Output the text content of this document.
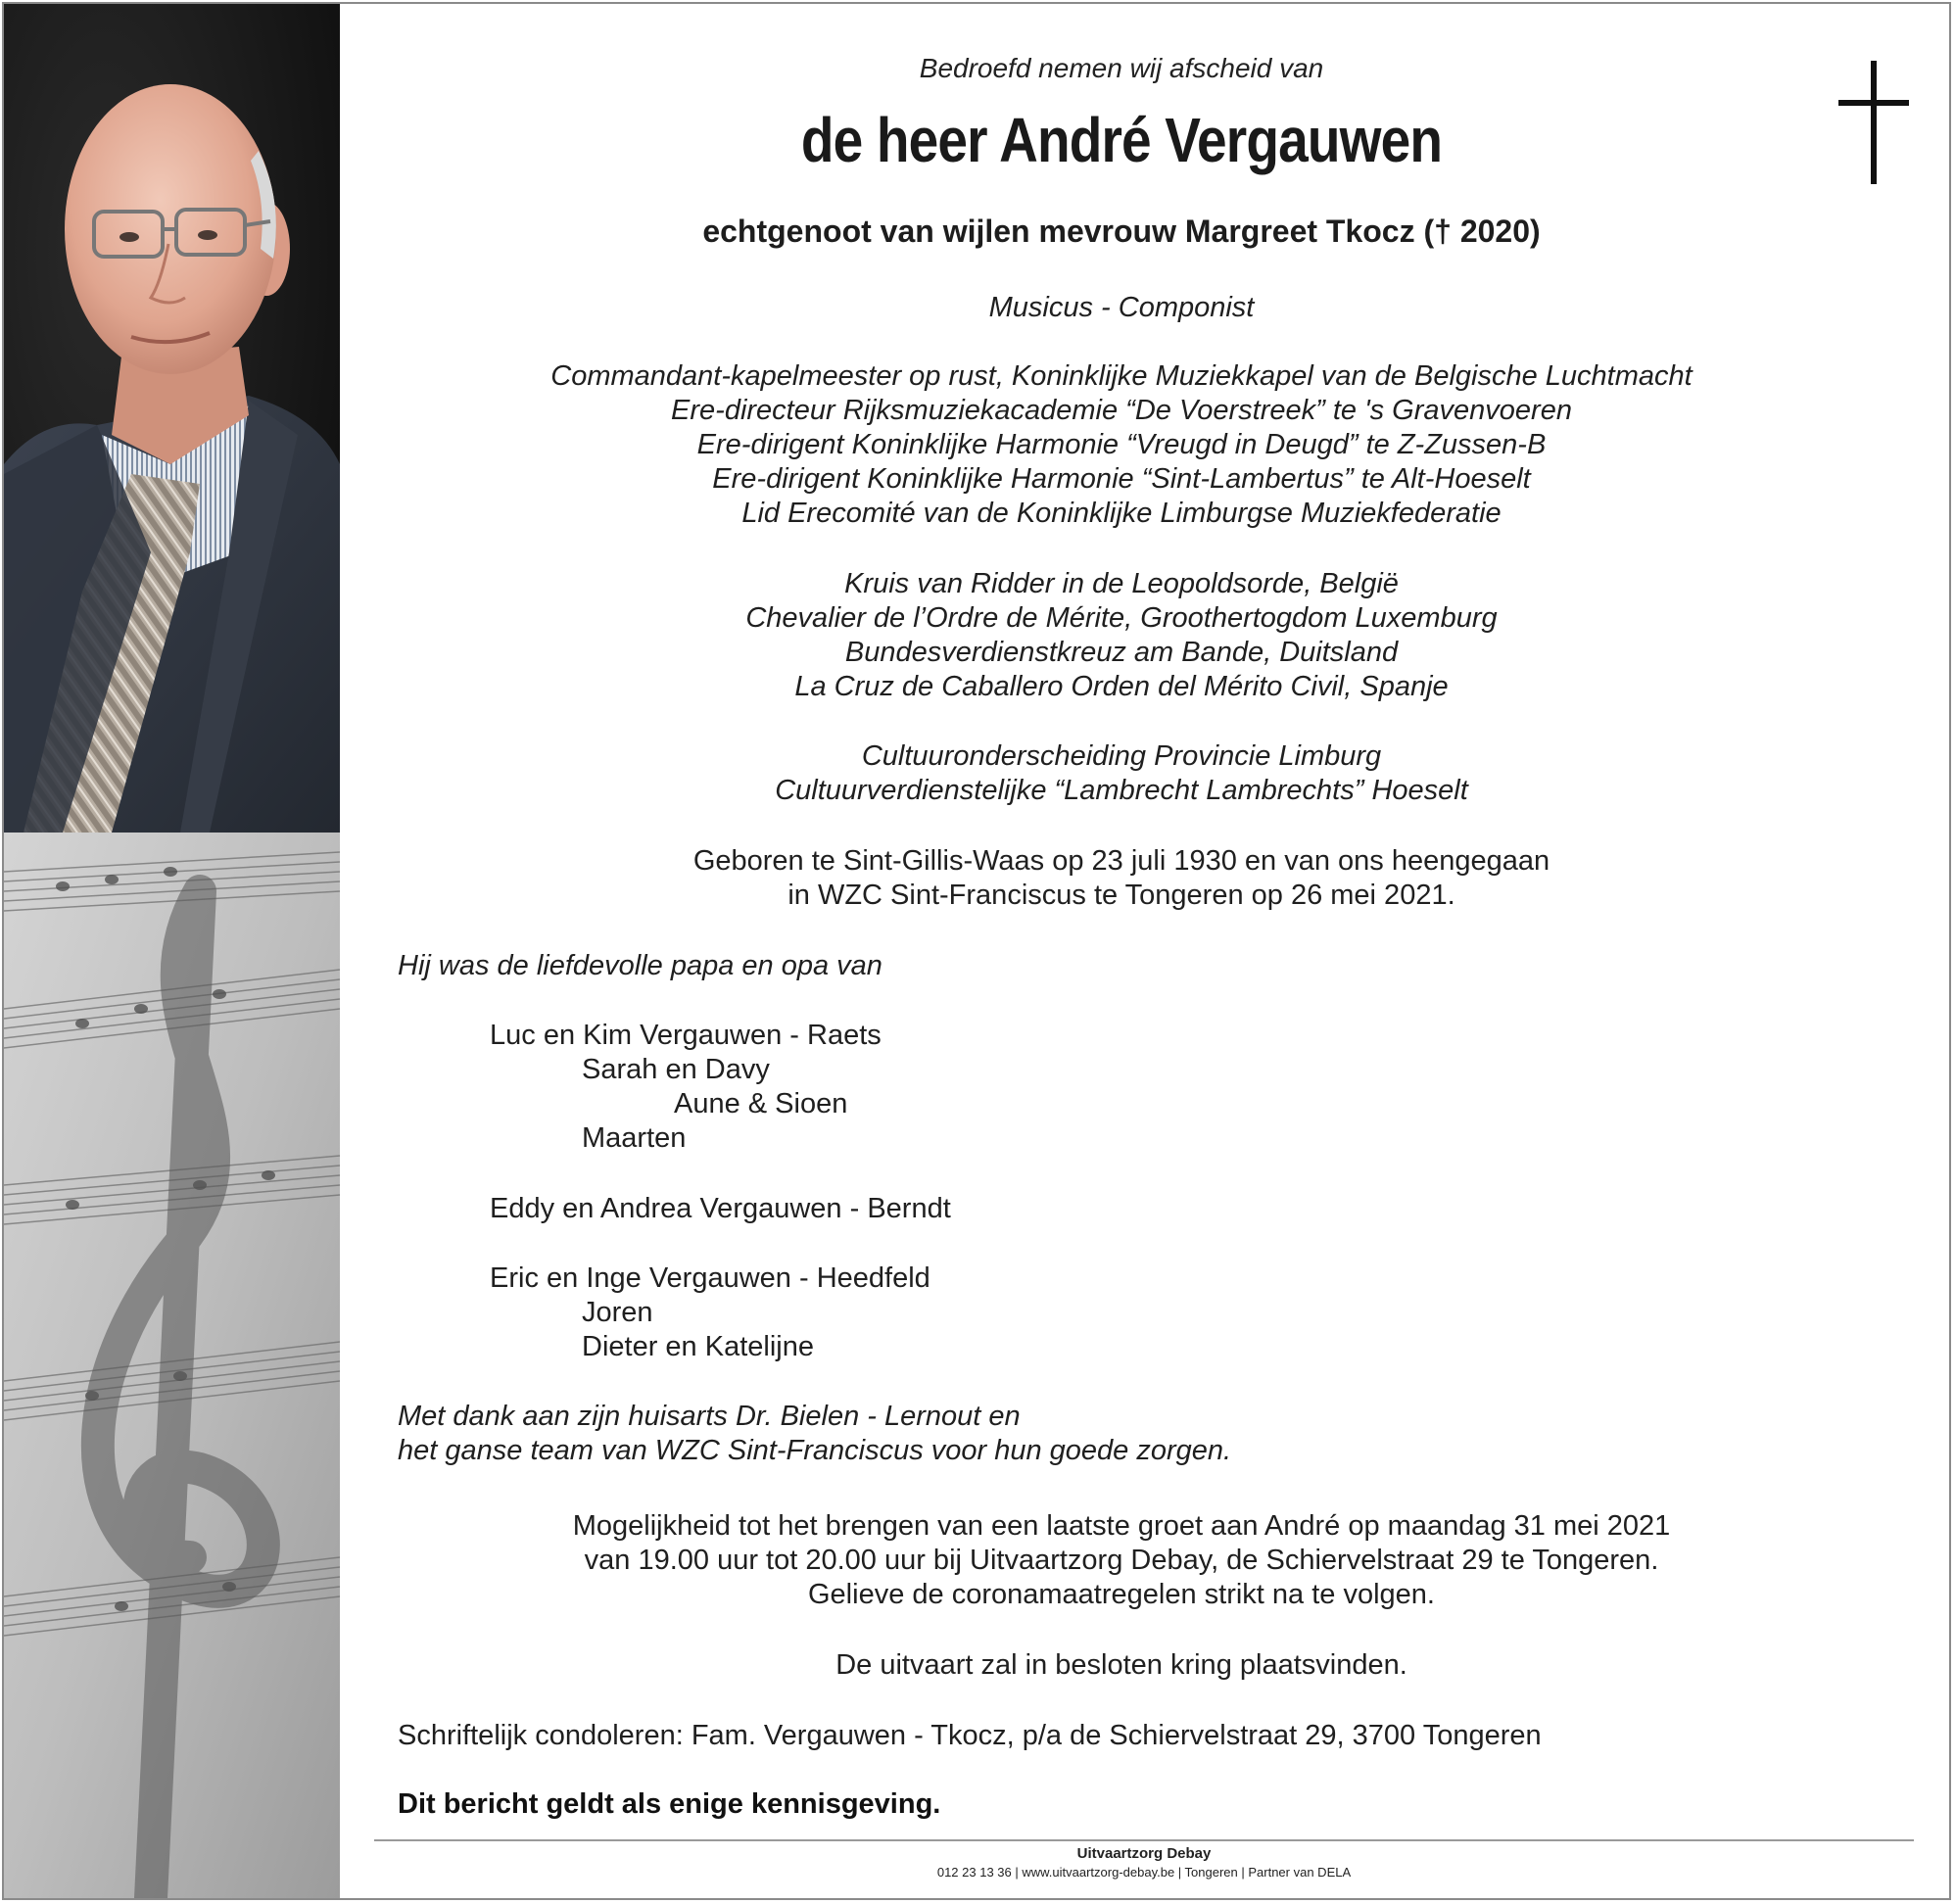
Bedroefd nemen wij afscheid van
de heer André Vergauwen
echtgenoot van wijlen mevrouw Margreet Tkocz († 2020)
Musicus - Componist
Commandant-kapelmeester op rust, Koninklijke Muziekkapel van de Belgische Luchtmacht
Ere-directeur Rijksmuziekacademie “De Voerstreek” te 's Gravenvoeren
Ere-dirigent Koninklijke Harmonie “Vreugd in Deugd” te Z-Zussen-B
Ere-dirigent Koninklijke Harmonie “Sint-Lambertus” te Alt-Hoeselt
Lid Erecomité van de Koninklijke Limburgse Muziekfederatie
Kruis van Ridder in de Leopoldsorde, België
Chevalier de l’Ordre de Mérite, Groothertogdom Luxemburg
Bundesverdienstkreuz am Bande, Duitsland
La Cruz de Caballero Orden del Mérito Civil, Spanje
Cultuuronderscheiding Provincie Limburg
Cultuurverdienstelijke “Lambrecht Lambrechts” Hoeselt
Geboren te Sint-Gillis-Waas op 23 juli 1930 en van ons heengegaan
in WZC Sint-Franciscus te Tongeren op 26 mei 2021.
Hij was de liefdevolle papa en opa van
Luc en Kim Vergauwen - Raets
Sarah en Davy
Aune & Sioen
Maarten
Eddy en Andrea Vergauwen - Berndt
Eric en Inge Vergauwen - Heedfeld
Joren
Dieter en Katelijne
Met dank aan zijn huisarts Dr. Bielen - Lernout en
het ganse team van WZC Sint-Franciscus voor hun goede zorgen.
Mogelijkheid tot het brengen van een laatste groet aan André op maandag 31 mei 2021
van 19.00 uur tot 20.00 uur bij Uitvaartzorg Debay, de Schiervelstraat 29 te Tongeren.
Gelieve de coronamaatregelen strikt na te volgen.
De uitvaart zal in besloten kring plaatsvinden.
Schriftelijk condoleren: Fam. Vergauwen - Tkocz, p/a de Schiervelstraat 29, 3700 Tongeren
Dit bericht geldt als enige kennisgeving.
Uitvaartzorg Debay
012 23 13 36 | www.uitvaartzorg-debay.be | Tongeren | Partner van DELA
